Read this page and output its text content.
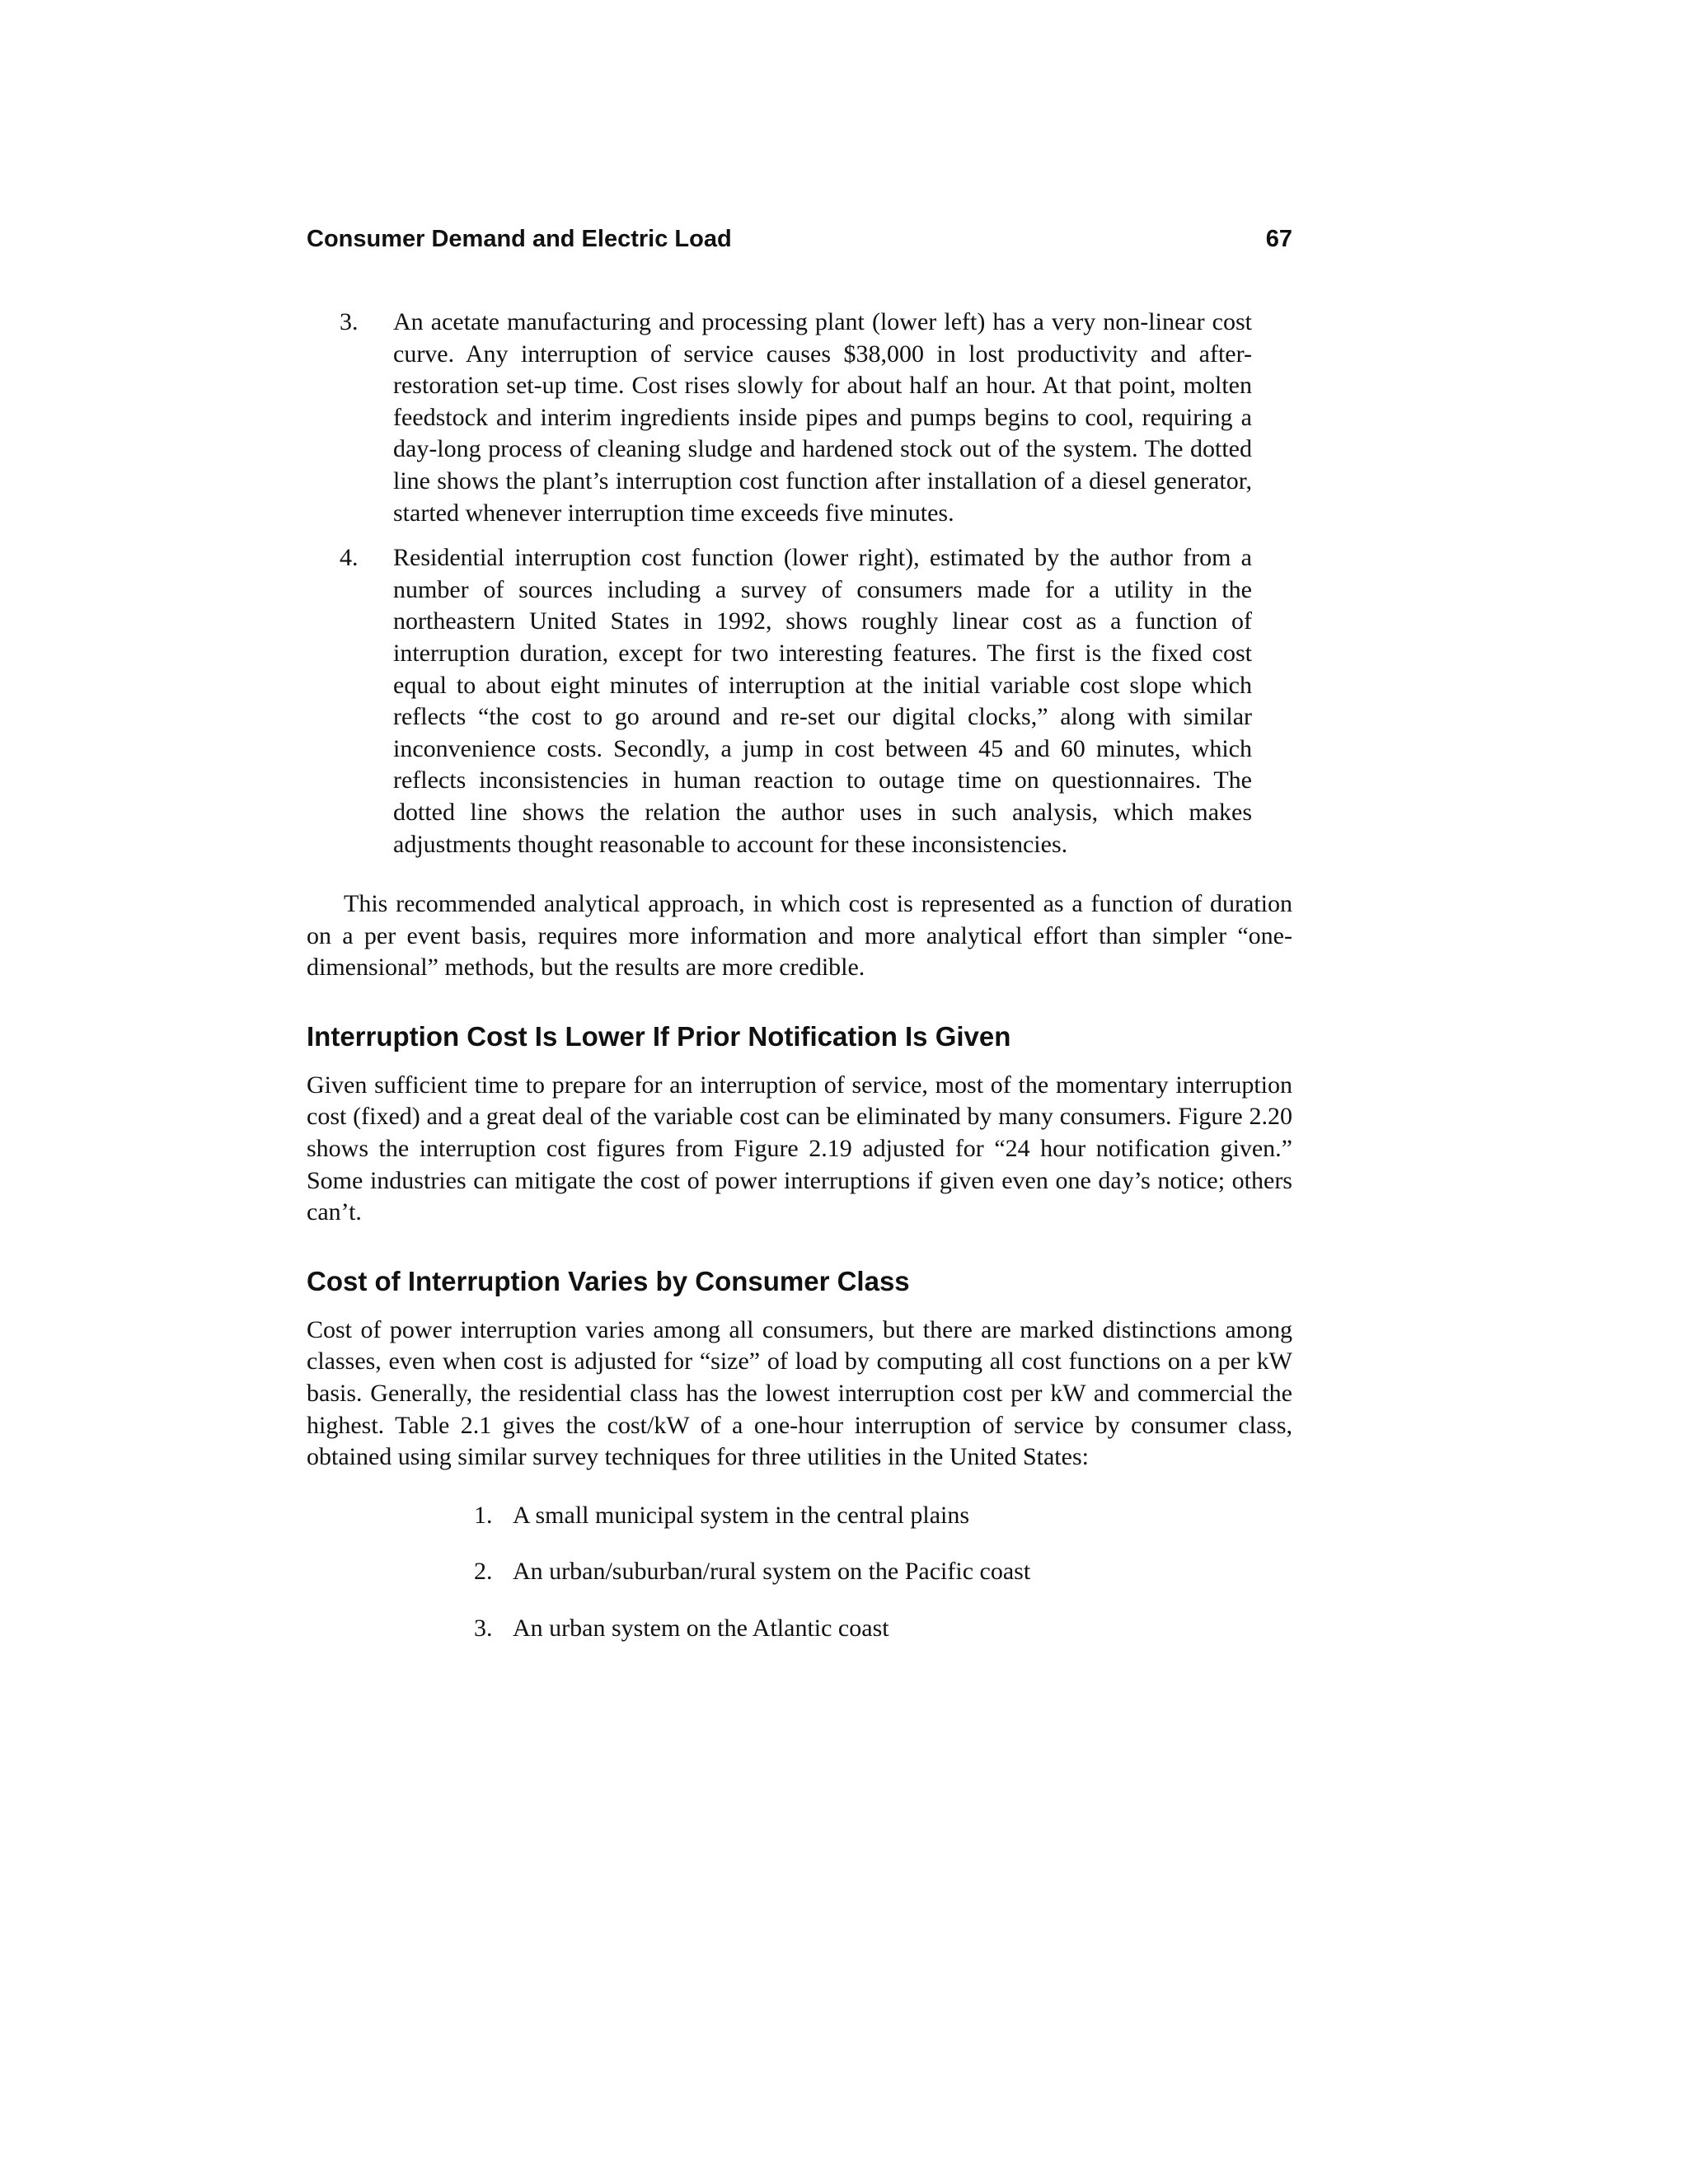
Consumer Demand and Electric Load	67
3. An acetate manufacturing and processing plant (lower left) has a very non-linear cost curve. Any interruption of service causes $38,000 in lost productivity and after-restoration set-up time. Cost rises slowly for about half an hour. At that point, molten feedstock and interim ingredients inside pipes and pumps begins to cool, requiring a day-long process of cleaning sludge and hardened stock out of the system. The dotted line shows the plant’s interruption cost function after installation of a diesel generator, started whenever interruption time exceeds five minutes.
4. Residential interruption cost function (lower right), estimated by the author from a number of sources including a survey of consumers made for a utility in the northeastern United States in 1992, shows roughly linear cost as a function of interruption duration, except for two interesting features. The first is the fixed cost equal to about eight minutes of interruption at the initial variable cost slope which reflects “the cost to go around and re-set our digital clocks,” along with similar inconvenience costs. Secondly, a jump in cost between 45 and 60 minutes, which reflects inconsistencies in human reaction to outage time on questionnaires. The dotted line shows the relation the author uses in such analysis, which makes adjustments thought reasonable to account for these inconsistencies.

This recommended analytical approach, in which cost is represented as a function of duration on a per event basis, requires more information and more analytical effort than simpler “one-dimensional” methods, but the results are more credible.

Interruption Cost Is Lower If Prior Notification Is Given

Given sufficient time to prepare for an interruption of service, most of the momentary interruption cost (fixed) and a great deal of the variable cost can be eliminated by many consumers. Figure 2.20 shows the interruption cost figures from Figure 2.19 adjusted for “24 hour notification given.” Some industries can mitigate the cost of power interruptions if given even one day’s notice; others can’t.

Cost of Interruption Varies by Consumer Class

Cost of power interruption varies among all consumers, but there are marked distinctions among classes, even when cost is adjusted for “size” of load by computing all cost functions on a per kW basis. Generally, the residential class has the lowest interruption cost per kW and commercial the highest. Table 2.1 gives the cost/kW of a one-hour interruption of service by consumer class, obtained using similar survey techniques for three utilities in the United States:

1. A small municipal system in the central plains
2. An urban/suburban/rural system on the Pacific coast
3. An urban system on the Atlantic coast
